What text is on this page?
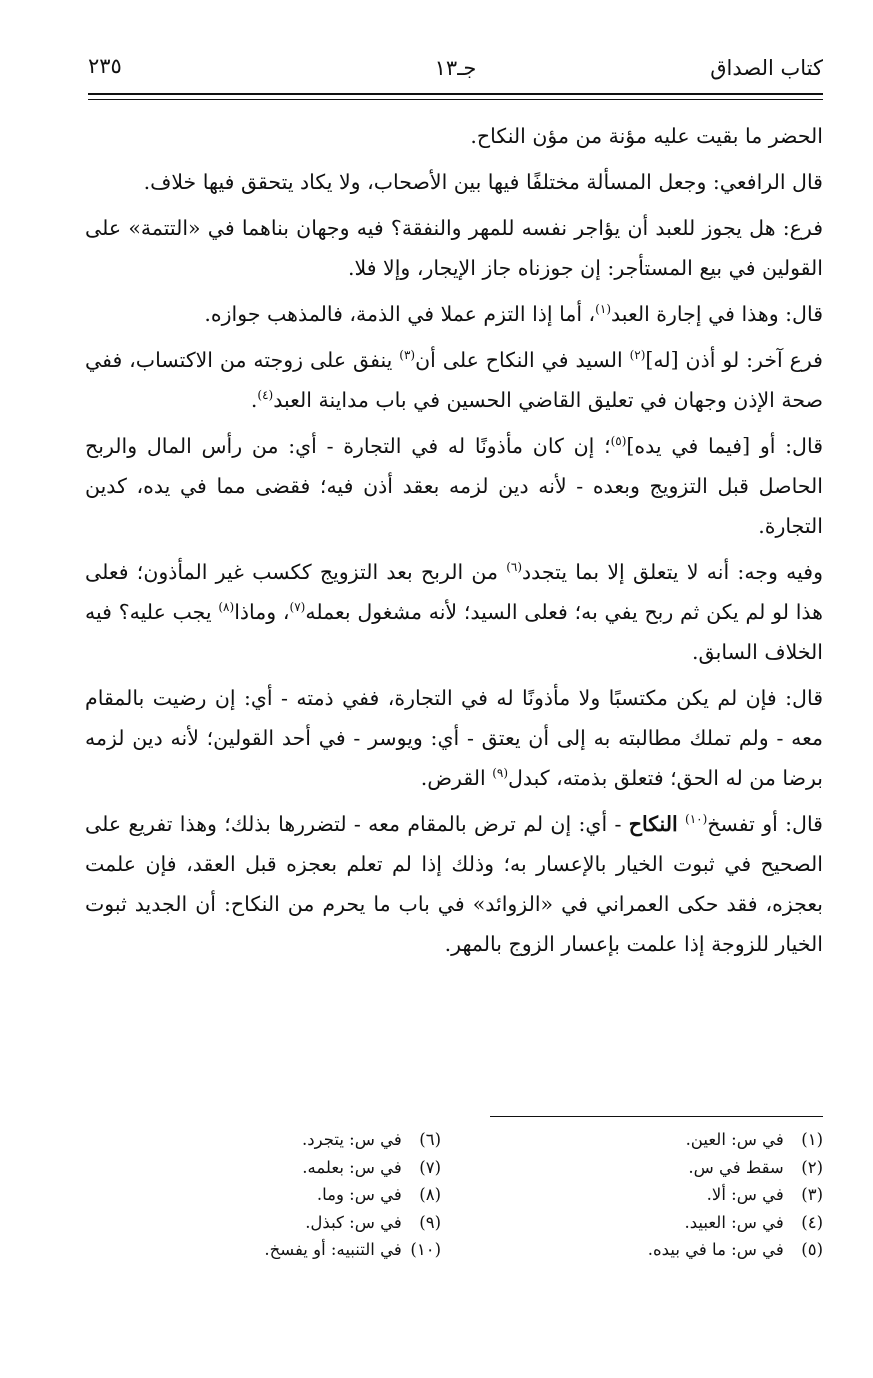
كتاب الصداق
جـ١٣
٢٣٥

الحضر ما بقيت عليه مؤنة من مؤن النكاح.

قال الرافعي: وجعل المسألة مختلفًا فيها بين الأصحاب، ولا يكاد يتحقق فيها خلاف.

فرع: هل يجوز للعبد أن يؤاجر نفسه للمهر والنفقة؟ فيه وجهان بناهما في «التتمة» على القولين في بيع المستأجر: إن جوزناه جاز الإيجار، وإلا فلا.

قال: وهذا في إجارة العبد$^{(١)}$، أما إذا التزم عملا في الذمة، فالمذهب جوازه.

فرع آخر: لو أذن [له]$^{(٢)}$ السيد في النكاح على أن$^{(٣)}$ ينفق على زوجته من الاكتساب، ففي صحة الإذن وجهان في تعليق القاضي الحسين في باب مداينة العبد$^{(٤)}$.

قال: أو [فيما في يده]$^{(٥)}$؛ إن كان مأذونًا له في التجارة - أي: من رأس المال والربح الحاصل قبل التزويج وبعده - لأنه دين لزمه بعقد أذن فيه؛ فقضى مما في يده، كدين التجارة.

وفيه وجه: أنه لا يتعلق إلا بما يتجدد$^{(٦)}$ من الربح بعد التزويج ككسب غير المأذون؛ فعلى هذا لو لم يكن ثم ربح يفي به؛ فعلى السيد؛ لأنه مشغول بعمله$^{(٧)}$، وماذا$^{(٨)}$ يجب عليه؟ فيه الخلاف السابق.

قال: فإن لم يكن مكتسبًا ولا مأذونًا له في التجارة، ففي ذمته - أي: إن رضيت بالمقام معه - ولم تملك مطالبته به إلى أن يعتق - أي: ويوسر - في أحد القولين؛ لأنه دين لزمه برضا من له الحق؛ فتعلق بذمته، كبدل$^{(٩)}$ القرض.

قال: أو تفسخ$^{(١٠)}$ النكاح - أي: إن لم ترض بالمقام معه - لتضررها بذلك؛ وهذا تفريع على الصحيح في ثبوت الخيار بالإعسار به؛ وذلك إذا لم تعلم بعجزه قبل العقد، فإن علمت بعجزه، فقد حكى العمراني في «الزوائد» في باب ما يحرم من النكاح: أن الجديد ثبوت الخيار للزوجة إذا علمت بإعسار الزوج بالمهر.

(١) في س: العين.
(٢) سقط في س.
(٣) في س: ألا.
(٤) في س: العبيد.
(٥) في س: ما في بيده.
(٦) في س: يتجرد.
(٧) في س: بعلمه.
(٨) في س: وما.
(٩) في س: كبذل.
(١٠) في التنبيه: أو يفسخ.
